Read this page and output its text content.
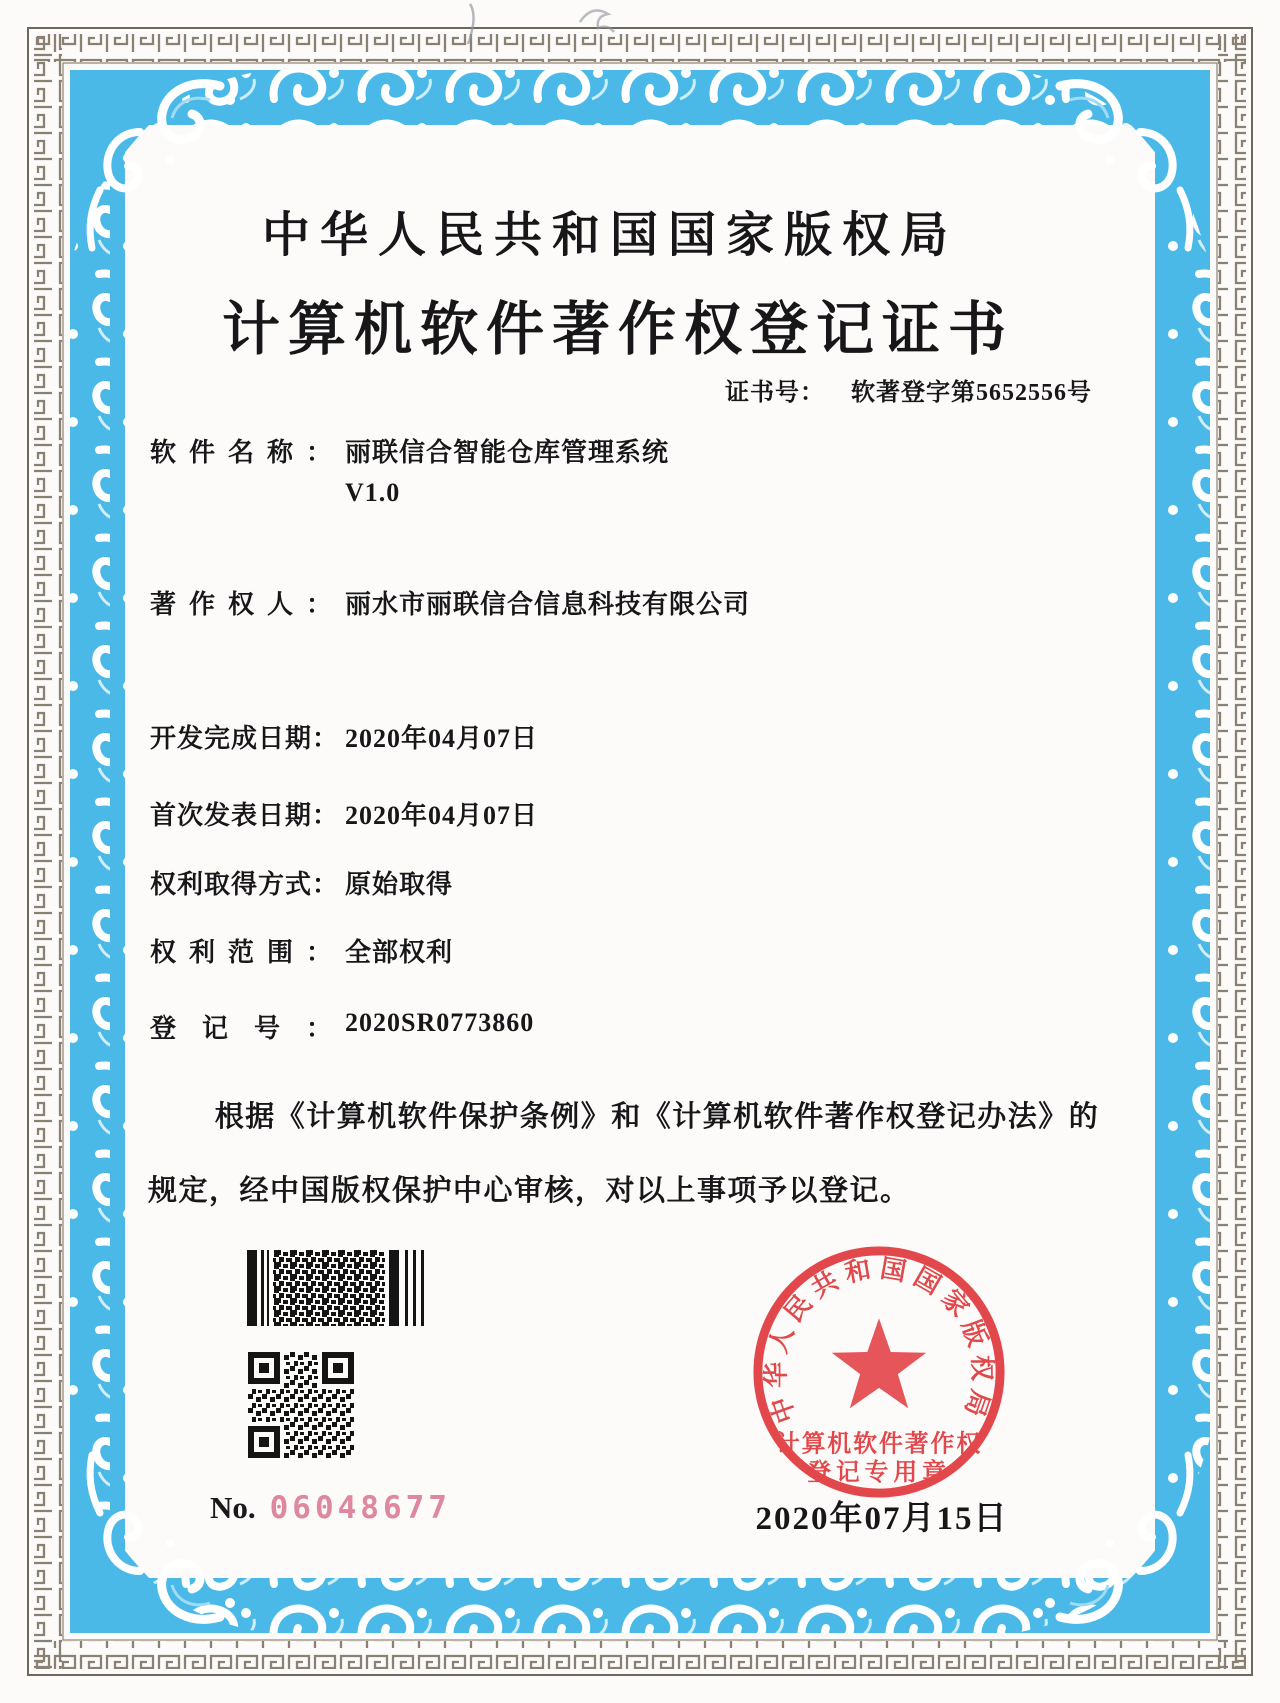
中华人民共和国国家版权局
计算机软件著作权登记证书
证书号： 软著登字第5652556号
软件名称： 丽联信合智能仓库管理系统
V1.0
著作权人： 丽水市丽联信合信息科技有限公司
开发完成日期： 2020年04月07日
首次发表日期： 2020年04月07日
权利取得方式： 原始取得
权利范围： 全部权利
登记号：
2020SR0773860
根据《计算机软件保护条例》和《计算机软件著作权登记办法》的
规定，经中国版权保护中心审核，对以上事项予以登记。
No. 06048677
中华人民共和国国家版权局
计算机软件著作权
登记专用章
2020年07月15日
